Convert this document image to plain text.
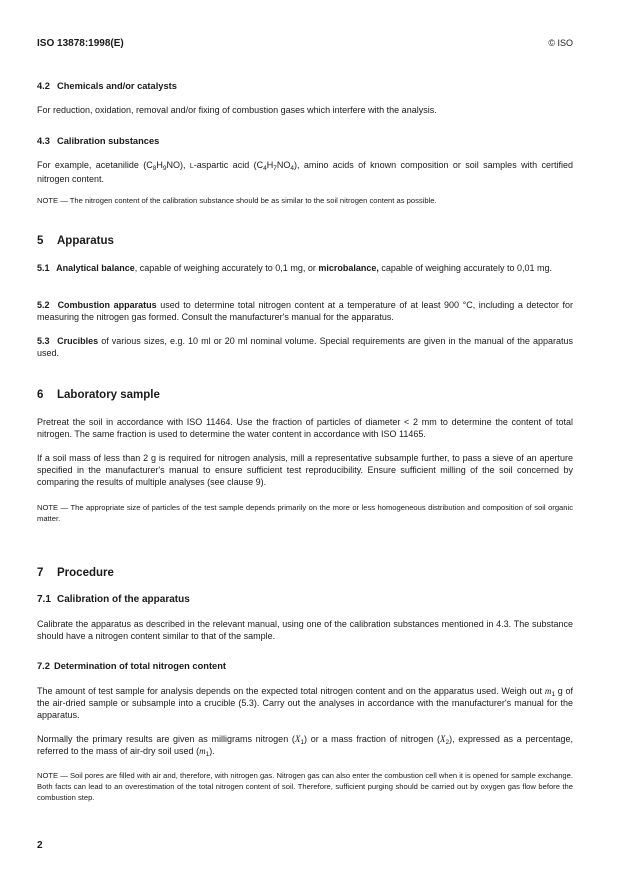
ISO 13878:1998(E)	© ISO
4.2 Chemicals and/or catalysts
For reduction, oxidation, removal and/or fixing of combustion gases which interfere with the analysis.
4.3 Calibration substances
For example, acetanilide $(C_8H_9NO)$, L-aspartic acid $(C_4H_7NO_4)$, amino acids of known composition or soil samples with certified nitrogen content.
NOTE — The nitrogen content of the calibration substance should be as similar to the soil nitrogen content as possible.
5 Apparatus
5.1 Analytical balance, capable of weighing accurately to 0,1 mg, or microbalance, capable of weighing accurately to 0,01 mg.
5.2 Combustion apparatus used to determine total nitrogen content at a temperature of at least 900 °C, including a detector for measuring the nitrogen gas formed. Consult the manufacturer's manual for the apparatus.
5.3 Crucibles of various sizes, e.g. 10 ml or 20 ml nominal volume. Special requirements are given in the manual of the apparatus used.
6 Laboratory sample
Pretreat the soil in accordance with ISO 11464. Use the fraction of particles of diameter < 2 mm to determine the content of total nitrogen. The same fraction is used to determine the water content in accordance with ISO 11465.
If a soil mass of less than 2 g is required for nitrogen analysis, mill a representative subsample further, to pass a sieve of an aperture specified in the manufacturer's manual to ensure sufficient test reproducibility. Ensure sufficient milling of the soil concerned by comparing the results of multiple analyses (see clause 9).
NOTE — The appropriate size of particles of the test sample depends primarily on the more or less homogeneous distribution and composition of soil organic matter.
7 Procedure
7.1 Calibration of the apparatus
Calibrate the apparatus as described in the relevant manual, using one of the calibration substances mentioned in 4.3. The substance should have a nitrogen content similar to that of the sample.
7.2 Determination of total nitrogen content
The amount of test sample for analysis depends on the expected total nitrogen content and on the apparatus used. Weigh out $m_1$ g of the air-dried sample or subsample into a crucible (5.3). Carry out the analyses in accordance with the manufacturer's manual for the apparatus.
Normally the primary results are given as milligrams nitrogen $(X_1)$ or a mass fraction of nitrogen $(X_2)$, expressed as a percentage, referred to the mass of air-dry soil used $(m_1)$.
NOTE — Soil pores are filled with air and, therefore, with nitrogen gas. Nitrogen gas can also enter the combustion cell when it is opened for sample exchange. Both facts can lead to an overestimation of the total nitrogen content of soil. Therefore, sufficient purging should be carried out by oxygen gas flow before the combustion step.
2
